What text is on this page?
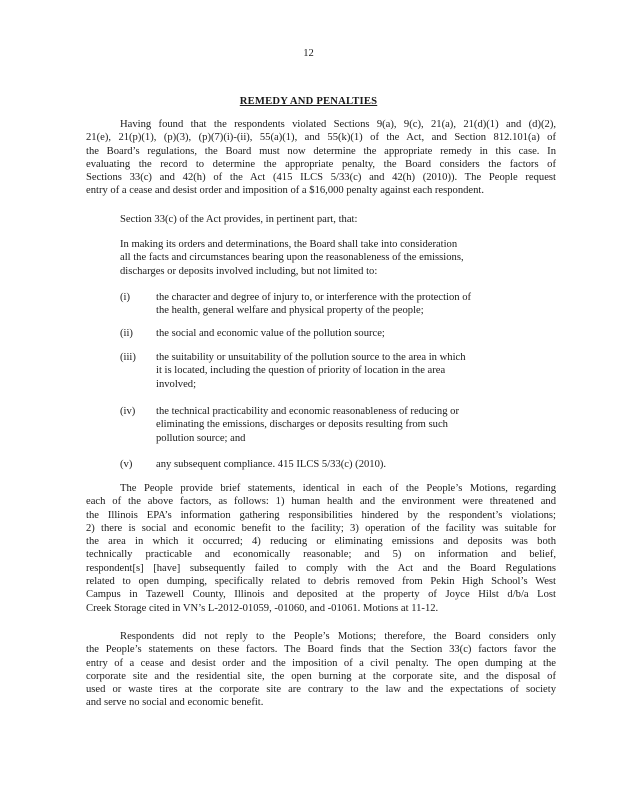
12
REMEDY AND PENALTIES
Having found that the respondents violated Sections 9(a), 9(c), 21(a), 21(d)(1) and (d)(2),
21(e), 21(p)(1), (p)(3), (p)(7)(i)-(ii), 55(a)(1), and 55(k)(1) of the Act, and Section 812.101(a) of
the Board’s regulations, the Board must now determine the appropriate remedy in this case. In
evaluating the record to determine the appropriate penalty, the Board considers the factors of
Sections 33(c) and 42(h) of the Act (415 ILCS 5/33(c) and 42(h) (2010)). The People request
entry of a cease and desist order and imposition of a $16,000 penalty against each respondent.
Section 33(c) of the Act provides, in pertinent part, that:
In making its orders and determinations, the Board shall take into consideration
all the facts and circumstances bearing upon the reasonableness of the emissions,
discharges or deposits involved including, but not limited to:
(i) the character and degree of injury to, or interference with the protection of
the health, general welfare and physical property of the people;
(ii) the social and economic value of the pollution source;
(iii) the suitability or unsuitability of the pollution source to the area in which
it is located, including the question of priority of location in the area
involved;
(iv) the technical practicability and economic reasonableness of reducing or
eliminating the emissions, discharges or deposits resulting from such
pollution source; and
(v) any subsequent compliance. 415 ILCS 5/33(c) (2010).
The People provide brief statements, identical in each of the People’s Motions, regarding
each of the above factors, as follows: 1) human health and the environment were threatened and
the Illinois EPA’s information gathering responsibilities hindered by the respondent’s violations;
2) there is social and economic benefit to the facility; 3) operation of the facility was suitable for
the area in which it occurred; 4) reducing or eliminating emissions and deposits was both
technically practicable and economically reasonable; and 5) on information and belief,
respondent[s] [have] subsequently failed to comply with the Act and the Board Regulations
related to open dumping, specifically related to debris removed from Pekin High School’s West
Campus in Tazewell County, Illinois and deposited at the property of Joyce Hilst d/b/a Lost
Creek Storage cited in VN’s L-2012-01059, -01060, and -01061. Motions at 11-12.
Respondents did not reply to the People’s Motions; therefore, the Board considers only
the People’s statements on these factors. The Board finds that the Section 33(c) factors favor the
entry of a cease and desist order and the imposition of a civil penalty. The open dumping at the
corporate site and the residential site, the open burning at the corporate site, and the disposal of
used or waste tires at the corporate site are contrary to the law and the expectations of society
and serve no social and economic benefit.
